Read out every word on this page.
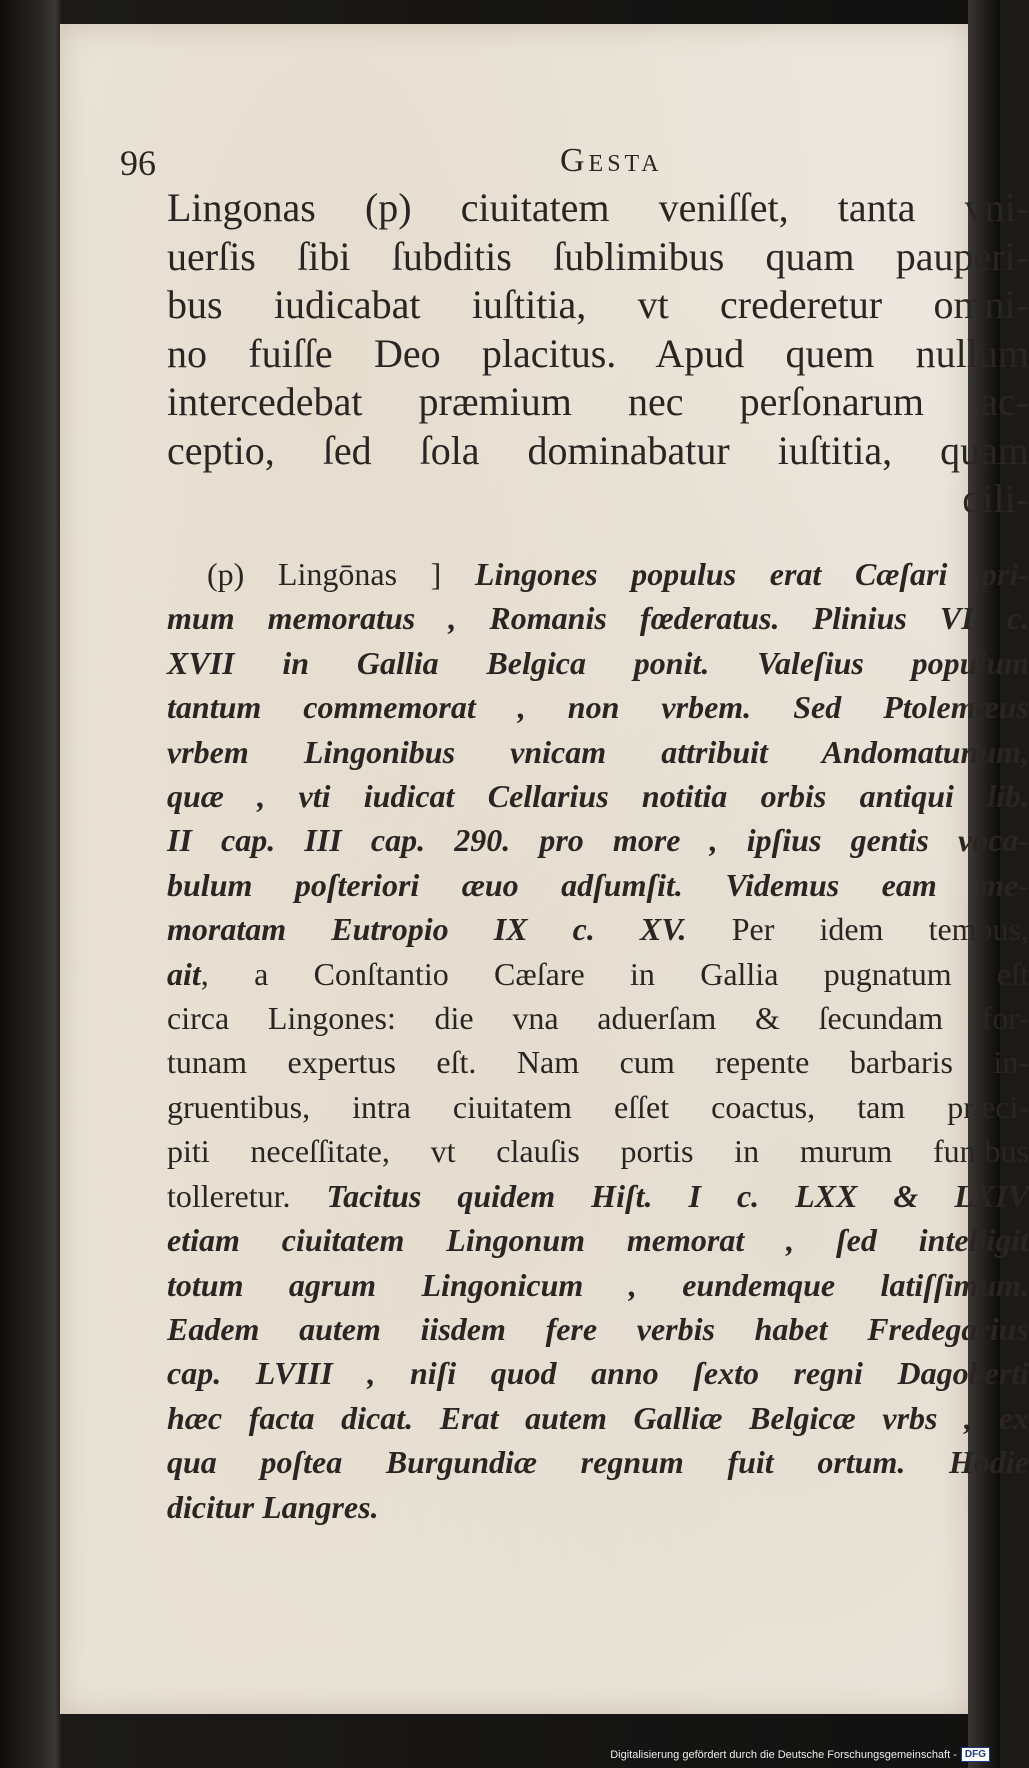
96	Gesta
Lingonas (p) ciuitatem veniſſet, tanta vni-
uerſis ſibi ſubditis ſublimibus quam pauperi-
bus iudicabat iuſtitia, vt crederetur omni-
no fuiſſe Deo placitus. Apud quem nullum
intercedebat præmium nec perſonarum ac-
ceptio, ſed ſola dominabatur iuſtitia, quam
dili-
(p) Lingōnas ] Lingones populus erat Cæſari pri-
mum memoratus , Romanis fœderatus. Plinius VI c.
XVII in Gallia Belgica ponit. Valeſius populum
tantum commemorat , non vrbem. Sed Ptolemæus
vrbem Lingonibus vnicam attribuit Andomatunum,
quæ , vti iudicat Cellarius notitia orbis antiqui lib.
II cap. III cap. 290. pro more , ipſius gentis voca-
bulum poſteriori æuo adſumſit. Videmus eam me-
moratam Eutropio IX c. XV. Per idem tempus,
ait, a Conſtantio Cæſare in Gallia pugnatum eſt
circa Lingones: die vna aduerſam & ſecundam for-
tunam expertus eſt. Nam cum repente barbaris in-
gruentibus, intra ciuitatem eſſet coactus, tam præci-
piti neceſſitate, vt clauſis portis in murum funibus
tolleretur. Tacitus quidem Hiſt. I c. LXX & LXIV
etiam ciuitatem Lingonum memorat , ſed intelligit
totum agrum Lingonicum , eundemque latiſſimum.
Eadem autem iisdem fere verbis habet Fredegarius
cap. LVIII , niſi quod anno ſexto regni Dagoberti
hæc facta dicat. Erat autem Galliæ Belgicæ vrbs , ex
qua poſtea Burgundiæ regnum fuit ortum. Hodie
dicitur Langres.
Digitalisierung gefördert durch die Deutsche Forschungsgemeinschaft - DFG
